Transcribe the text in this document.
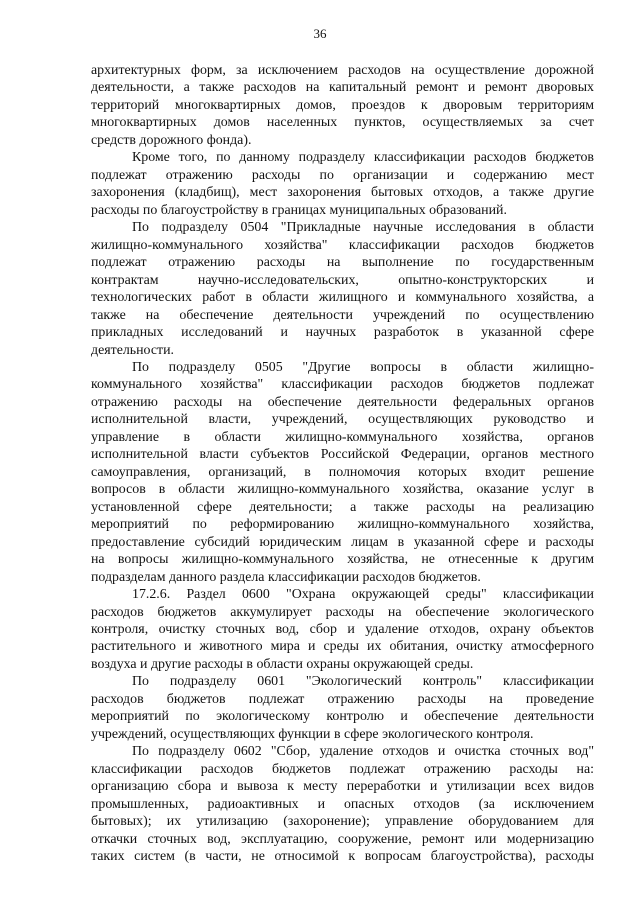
36
архитектурных форм, за исключением расходов на осуществление дорожной
деятельности, а также расходов на капитальный ремонт и ремонт дворовых
территорий многоквартирных домов, проездов к дворовым территориям
многоквартирных домов населенных пунктов, осуществляемых за счет
средств дорожного фонда).
Кроме того, по данному подразделу классификации расходов бюджетов
подлежат отражению расходы по организации и содержанию мест
захоронения (кладбищ), мест захоронения бытовых отходов, а также другие
расходы по благоустройству в границах муниципальных образований.
По подразделу 0504 "Прикладные научные исследования в области
жилищно-коммунального хозяйства" классификации расходов бюджетов
подлежат отражению расходы на выполнение по государственным
контрактам научно-исследовательских, опытно-конструкторских и
технологических работ в области жилищного и коммунального хозяйства, а
также на обеспечение деятельности учреждений по осуществлению
прикладных исследований и научных разработок в указанной сфере
деятельности.
По подразделу 0505 "Другие вопросы в области жилищно-
коммунального хозяйства" классификации расходов бюджетов подлежат
отражению расходы на обеспечение деятельности федеральных органов
исполнительной власти, учреждений, осуществляющих руководство и
управление в области жилищно-коммунального хозяйства, органов
исполнительной власти субъектов Российской Федерации, органов местного
самоуправления, организаций, в полномочия которых входит решение
вопросов в области жилищно-коммунального хозяйства, оказание услуг в
установленной сфере деятельности; а также расходы на реализацию
мероприятий по реформированию жилищно-коммунального хозяйства,
предоставление субсидий юридическим лицам в указанной сфере и расходы
на вопросы жилищно-коммунального хозяйства, не отнесенные к другим
подразделам данного раздела классификации расходов бюджетов.
17.2.6. Раздел 0600 "Охрана окружающей среды" классификации
расходов бюджетов аккумулирует расходы на обеспечение экологического
контроля, очистку сточных вод, сбор и удаление отходов, охрану объектов
растительного и животного мира и среды их обитания, очистку атмосферного
воздуха и другие расходы в области охраны окружающей среды.
По подразделу 0601 "Экологический контроль" классификации
расходов бюджетов подлежат отражению расходы на проведение
мероприятий по экологическому контролю и обеспечение деятельности
учреждений, осуществляющих функции в сфере экологического контроля.
По подразделу 0602 "Сбор, удаление отходов и очистка сточных вод"
классификации расходов бюджетов подлежат отражению расходы на:
организацию сбора и вывоза к месту переработки и утилизации всех видов
промышленных, радиоактивных и опасных отходов (за исключением
бытовых); их утилизацию (захоронение); управление оборудованием для
откачки сточных вод, эксплуатацию, сооружение, ремонт или модернизацию
таких систем (в части, не относимой к вопросам благоустройства), расходы
